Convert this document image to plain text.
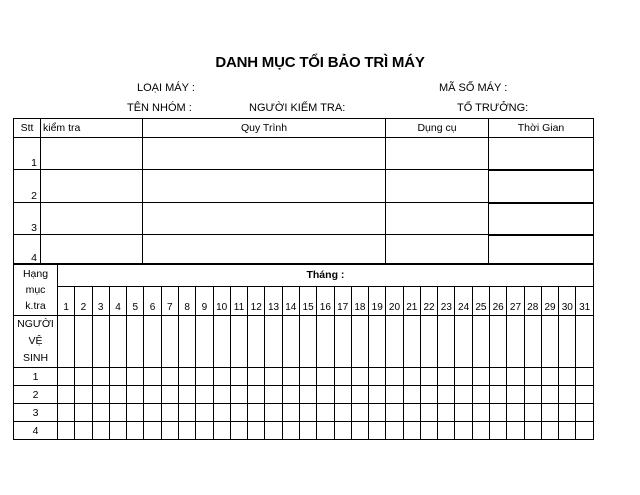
DANH MỤC TỔI BẢO TRÌ MÁY
LOẠI MÁY :	MÃ SỐ MÁY :
TÊN NHÓM :	NGƯỜI KIỂM TRA:	TỔ TRƯỞNG:
Stt	kiểm tra	Quy Trình	Dụng cụ	Thời Gian
1				
2				
3				
4				
Hạng
mục
k.tra	Tháng :																														
	1	2	3	4	5	6	7	8	9	10	11	12	13	14	15	16	17	18	19	20	21	22	23	24	25	26	27	28	29	30	31

NGƯỜI
VỆ
SINH																															

1																															
2																															
3																															
4																															
